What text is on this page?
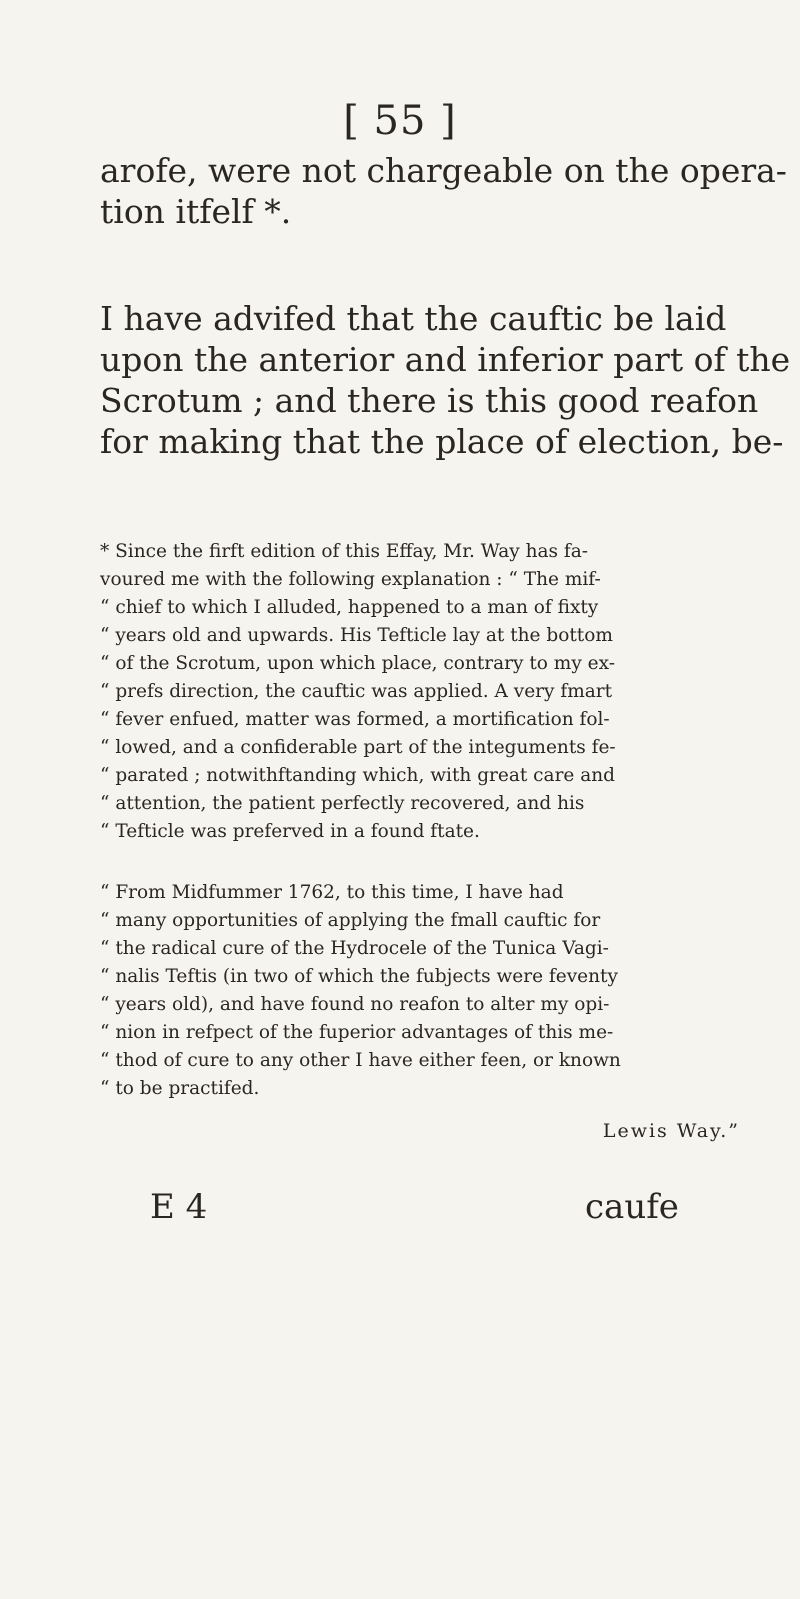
[ 55 ]
arofe, were not chargeable on the opera-
tion itfelf *.
I have advifed that the cauftic be laid
upon the anterior and inferior part of the
Scrotum ; and there is this good reafon
for making that the place of election, be-
* Since the firft edition of this Effay, Mr. Way has fa-
voured me with the following explanation : “ The mif-
“ chief to which I alluded, happened to a man of fixty
“ years old and upwards. His Tefticle lay at the bottom
“ of the Scrotum, upon which place, contrary to my ex-
“ prefs direction, the cauftic was applied. A very fmart
“ fever enfued, matter was formed, a mortification fol-
“ lowed, and a confiderable part of the integuments fe-
“ parated ; notwithftanding which, with great care and
“ attention, the patient perfectly recovered, and his
“ Tefticle was preferved in a found ftate.
“ From Midfummer 1762, to this time, I have had
“ many opportunities of applying the fmall cauftic for
“ the radical cure of the Hydrocele of the Tunica Vagi-
“ nalis Teftis (in two of which the fubjects were feventy
“ years old), and have found no reafon to alter my opi-
“ nion in refpect of the fuperior advantages of this me-
“ thod of cure to any other I have either feen, or known
“ to be practifed.
Lewis Way.”
E 4	caufe
